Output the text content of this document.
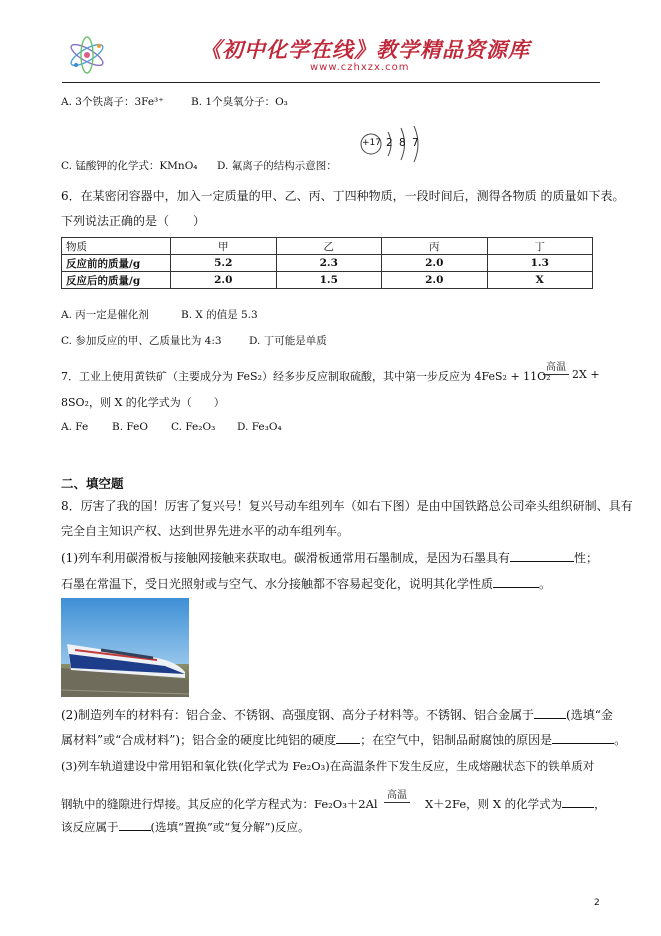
《初中化学在线》教学精品资源库
www.czhxzx.com
A. 3个铁离子：3Fe³⁺	B. 1个臭氧分子：O₃
+17 2 8 7
C. 锰酸钾的化学式：KMnO₄ D. 氟离子的结构示意图：
6．在某密闭容器中，加入一定质量的甲、乙、丙、丁四种物质，一段时间后，测得各物质 的质量如下表。
下列说法正确的是（　　）
物质	甲	乙	丙	丁
反应前的质量/g	5.2	2.3	2.0	1.3
反应后的质量/g	2.0	1.5	2.0	X
A. 丙一定是催化剂	B. X 的值是 5.3
C. 参加反应的甲、乙质量比为 4:3	D. 丁可能是单质
7．工业上使用黄铁矿（主要成分为 FeS₂）经多步反应制取硫酸，其中第一步反应为 4FeS₂ + 11O₂
高温
2X +
8SO₂，则 X 的化学式为（　　）
A. Fe B. FeO C. Fe₂O₃ D. Fe₃O₄
二、填空题
8．厉害了我的国！厉害了复兴号！复兴号动车组列车（如右下图）是由中国铁路总公司牵头组织研制、具有
完全自主知识产权、达到世界先进水平的动车组列车。
(1)列车利用碳滑板与接触网接触来获取电。碳滑板通常用石墨制成，是因为石墨具有	性；
石墨在常温下，受日光照射或与空气、水分接触都不容易起变化，说明其化学性质	。
(2)制造列车的材料有：铝合金、不锈钢、高强度钢、高分子材料等。不锈钢、铝合金属于	(选填“金
属材料”或“合成材料”)；铝合金的硬度比纯铝的硬度 ；在空气中，铝制品耐腐蚀的原因是	。
(3)列车轨道建设中常用铝和氧化铁(化学式为 Fe₂O₃)在高温条件下发生反应，生成熔融状态下的铁单质对
钢轨中的缝隙进行焊接。其反应的化学方程式为：Fe₂O₃＋2Al
高温
X＋2Fe，则 X 的化学式为	，
该反应属于	(选填“置换”或“复分解”)反应。
2
